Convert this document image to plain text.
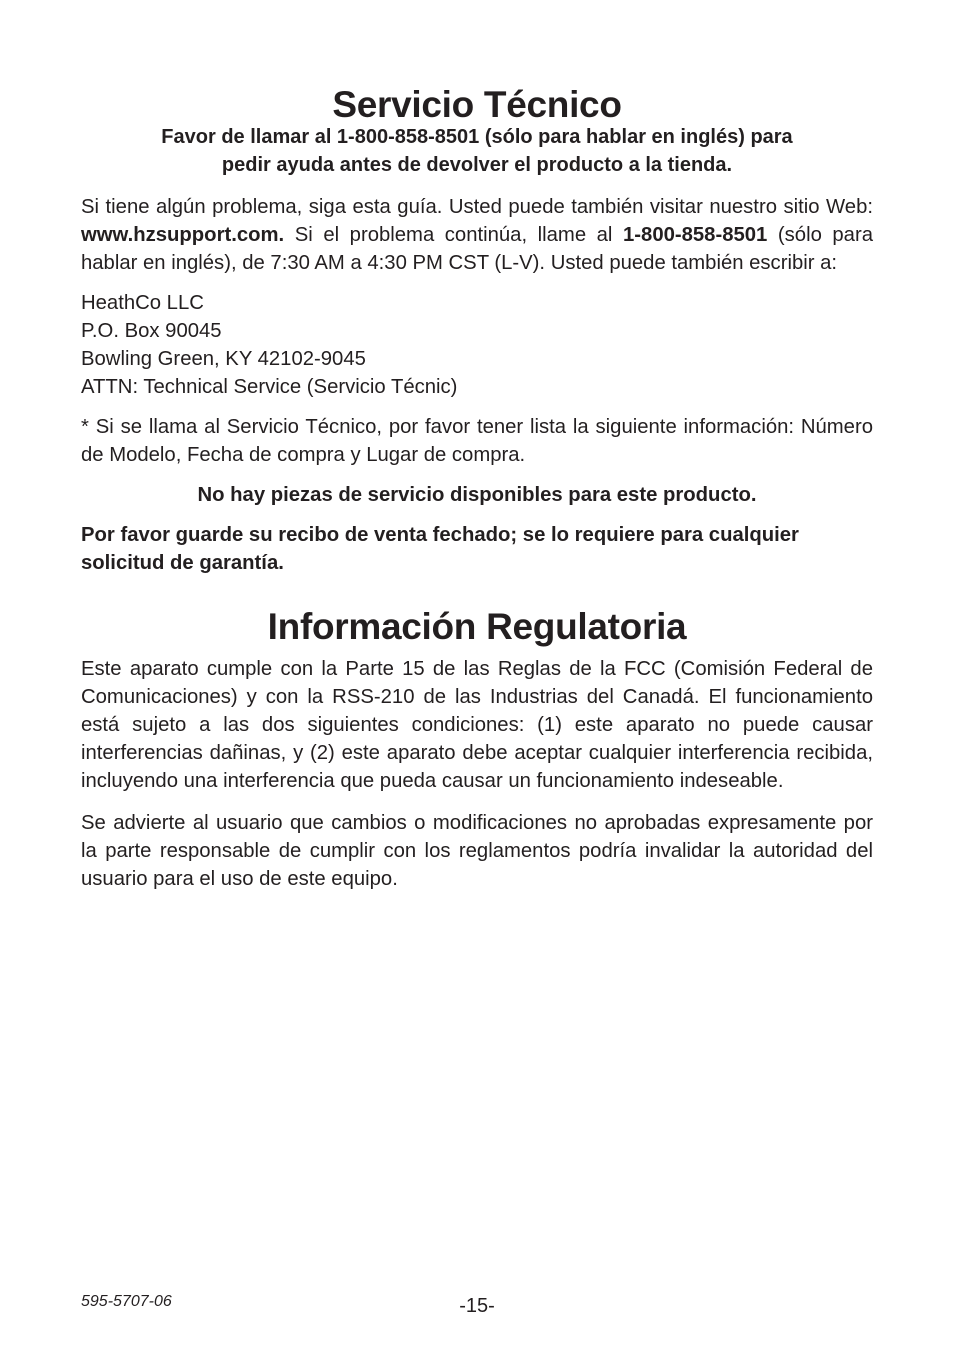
Servicio Técnico
Favor de llamar al 1-800-858-8501 (sólo para hablar en inglés) para
pedir ayuda antes de devolver el producto a la tienda.

Si tiene algún problema, siga esta guía. Usted puede también visitar nuestro sitio Web: www.hzsupport.com. Si el problema continúa, llame al 1-800-858-8501 (sólo para hablar en inglés), de 7:30 AM a 4:30 PM CST (L-V). Usted puede también escribir a:

HeathCo LLC

P.O. Box 90045

Bowling Green, KY 42102-9045

ATTN: Technical Service (Servicio Técnic)

* Si se llama al Servicio Técnico, por favor tener lista la siguiente información: Número de Modelo, Fecha de compra y Lugar de compra.

No hay piezas de servicio disponibles para este producto.

Por favor guarde su recibo de venta fechado; se lo requiere para cualquier solicitud de garantía.

Información Regulatoria

Este aparato cumple con la Parte 15 de las Reglas de la FCC (Comisión Federal de Comunicaciones) y con la RSS-210 de las Industrias del Canadá. El funcionamiento está sujeto a las dos siguientes condiciones: (1) este aparato no puede causar interferencias dañinas, y (2) este aparato debe aceptar cualquier interferencia recibida, incluyendo una interferencia que pueda causar un funcionamiento indeseable.

Se advierte al usuario que cambios o modificaciones no aprobadas expresamente por la parte responsable de cumplir con los reglamentos podría invalidar la autoridad del usuario para el uso de este equipo.

595-5707-06	-15-
